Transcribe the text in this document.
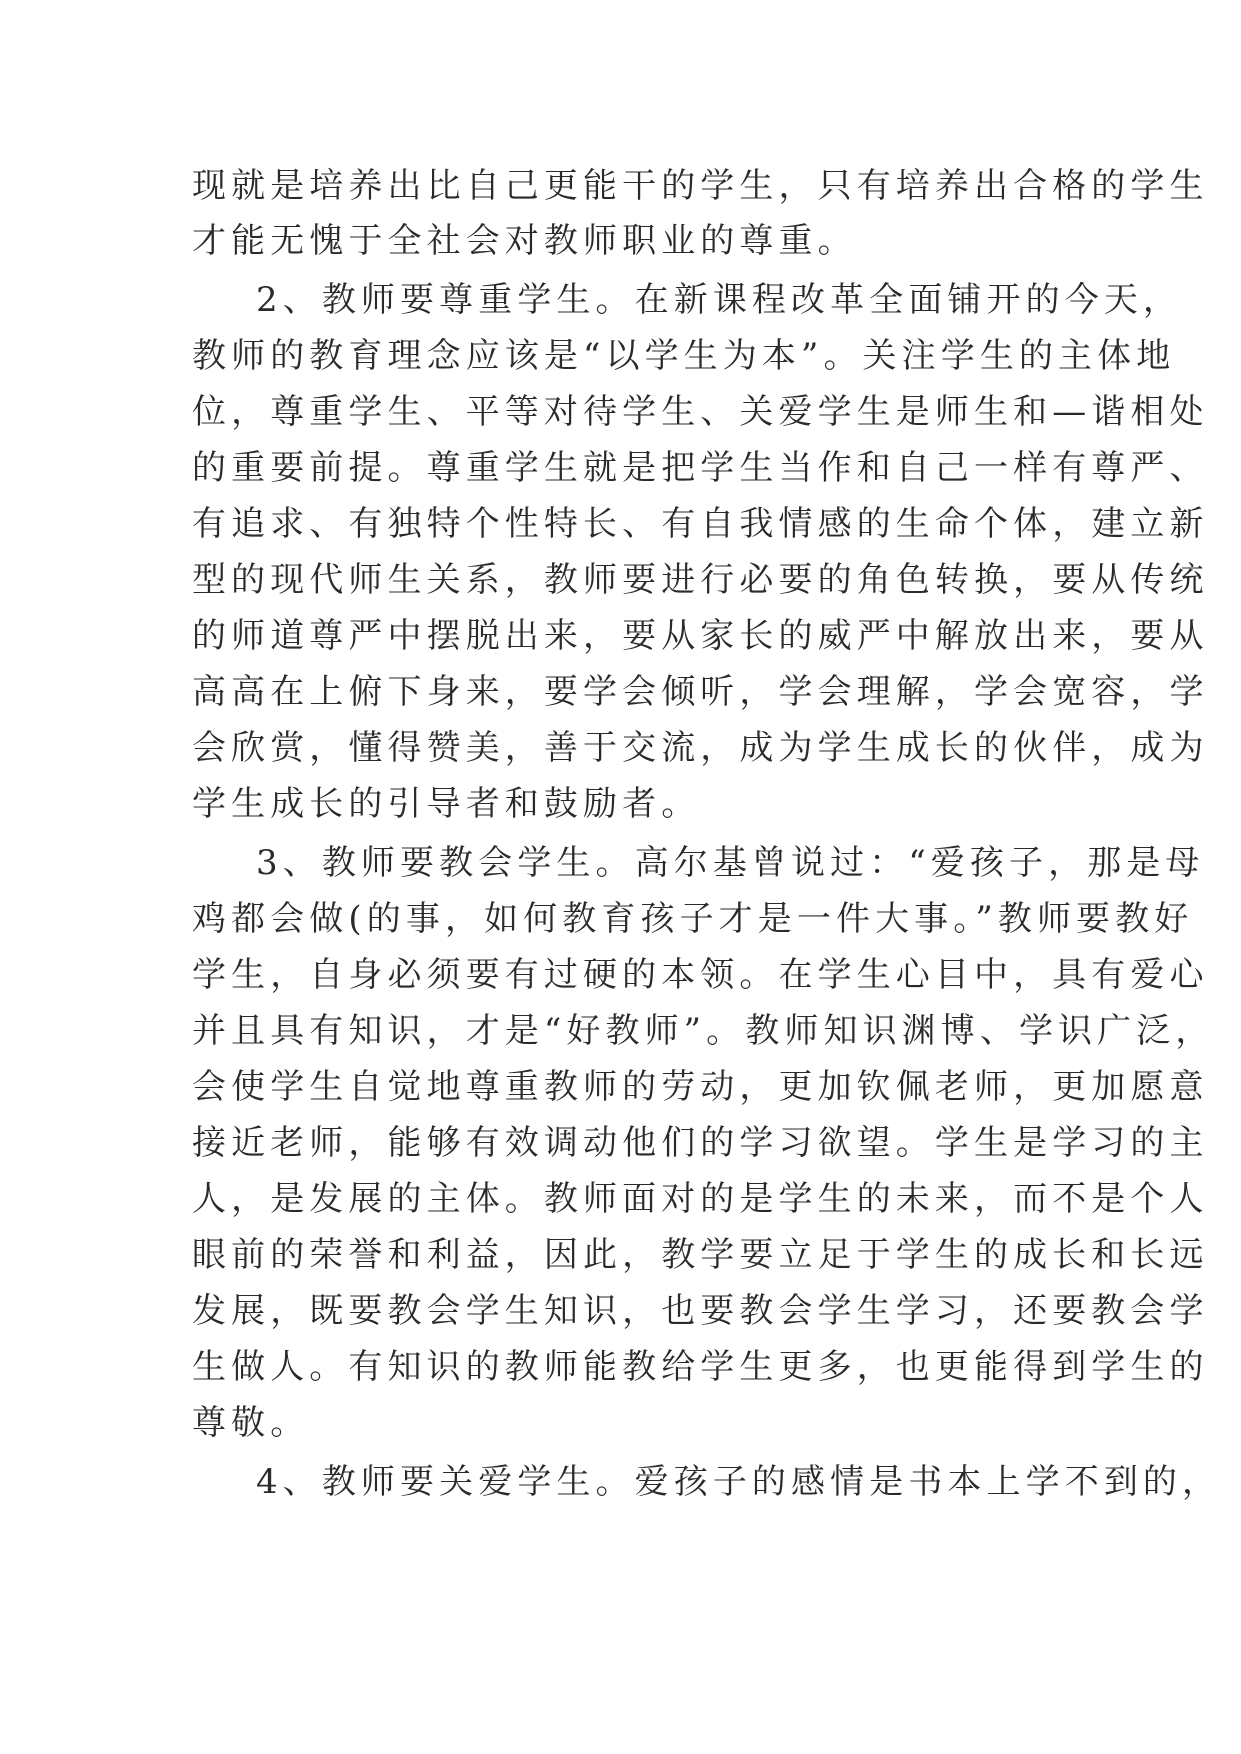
现就是培养出比自己更能干的学生，只有培养出合格的学生
才能无愧于全社会对教师职业的尊重。
2、教师要尊重学生。在新课程改革全面铺开的今天，
教师的教育理念应该是“以学生为本”。关注学生的主体地
位，尊重学生、平等对待学生、关爱学生是师生和—谐相处
的重要前提。尊重学生就是把学生当作和自己一样有尊严、
有追求、有独特个性特长、有自我情感的生命个体，建立新
型的现代师生关系，教师要进行必要的角色转换，要从传统
的师道尊严中摆脱出来，要从家长的威严中解放出来，要从
高高在上俯下身来，要学会倾听，学会理解，学会宽容，学
会欣赏，懂得赞美，善于交流，成为学生成长的伙伴，成为
学生成长的引导者和鼓励者。
3、教师要教会学生。高尔基曾说过：“爱孩子，那是母
鸡都会做(的事，如何教育孩子才是一件大事。”教师要教好
学生，自身必须要有过硬的本领。在学生心目中，具有爱心
并且具有知识，才是“好教师”。教师知识渊博、学识广泛，
会使学生自觉地尊重教师的劳动，更加钦佩老师，更加愿意
接近老师，能够有效调动他们的学习欲望。学生是学习的主
人，是发展的主体。教师面对的是学生的未来，而不是个人
眼前的荣誉和利益，因此，教学要立足于学生的成长和长远
发展，既要教会学生知识，也要教会学生学习，还要教会学
生做人。有知识的教师能教给学生更多，也更能得到学生的
尊敬。
4、教师要关爱学生。爱孩子的感情是书本上学不到的，
